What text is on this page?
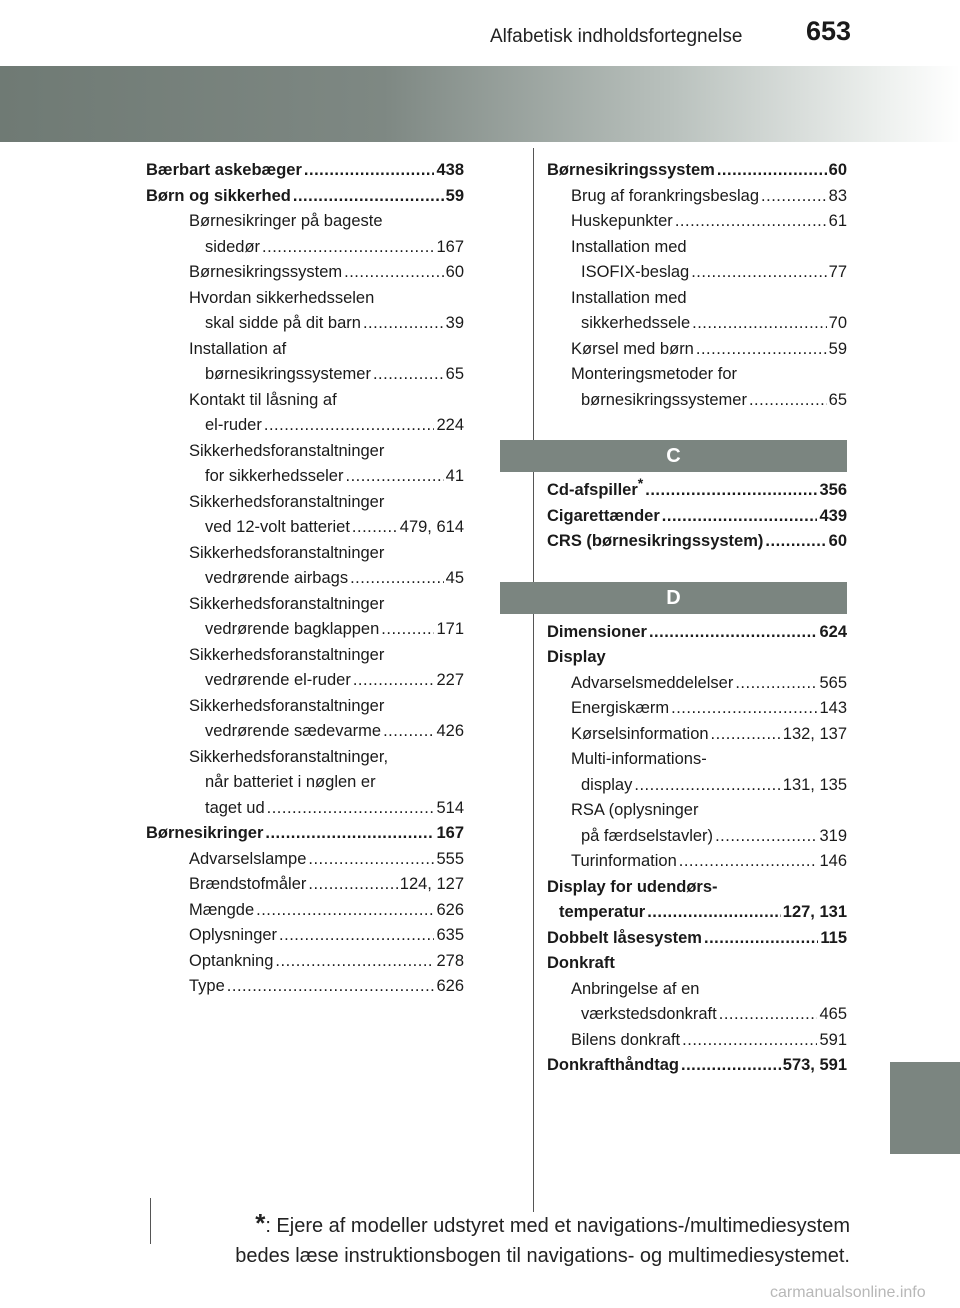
Alfabetisk indholdsfortegnelse 653
Bærbart askebæger .....	438
Børn og sikkerhed .....	59
Børnesikringer på bageste
sidedør .....	167
Børnesikringssystem .....	60
Hvordan sikkerhedsselen
skal sidde på dit barn .....	39
Installation af
børnesikringssystemer .....	65
Kontakt til låsning af
el-ruder .....	224
Sikkerhedsforanstaltninger
for sikkerhedsseler .....	41
Sikkerhedsforanstaltninger
ved 12-volt batteriet .....	479, 614
Sikkerhedsforanstaltninger
vedrørende airbags .....	45
Sikkerhedsforanstaltninger
vedrørende bagklappen .....	171
Sikkerhedsforanstaltninger
vedrørende el-ruder .....	227
Sikkerhedsforanstaltninger
vedrørende sædevarme .....	426
Sikkerhedsforanstaltninger,
når batteriet i nøglen er
taget ud .....	514
Børnesikringer .....	167
Advarselslampe .....	555
Brændstofmåler .....	124, 127
Mængde .....	626
Oplysninger .....	635
Optankning .....	278
Type .....	626
Børnesikringssystem .....	60
Brug af forankringsbeslag .....	83
Huskepunkter .....	61
Installation med
ISOFIX-beslag .....	77
Installation med
sikkerhedssele .....	70
Kørsel med børn .....	59
Monteringsmetoder for
børnesikringssystemer .....	65
C
Cd-afspiller* .....	356
Cigarettænder .....	439
CRS (børnesikringssystem) .....	60
D
Dimensioner .....	624
Display
Advarselsmeddelelser .....	565
Energiskærm .....	143
Kørselsinformation .....	132, 137
Multi-informations-
display .....	131, 135
RSA (oplysninger
på færdselstavler) .....	319
Turinformation .....	146
Display for udendørs-
temperatur .....	127, 131
Dobbelt låsesystem .....	115
Donkraft
Anbringelse af en
værkstedsdonkraft .....	465
Bilens donkraft .....	591
Donkrafthåndtag .....	573, 591
*: Ejere af modeller udstyret med et navigations-/multimediesystem
bedes læse instruktionsbogen til navigations- og multimediesystemet.
carmanualsonline.info
